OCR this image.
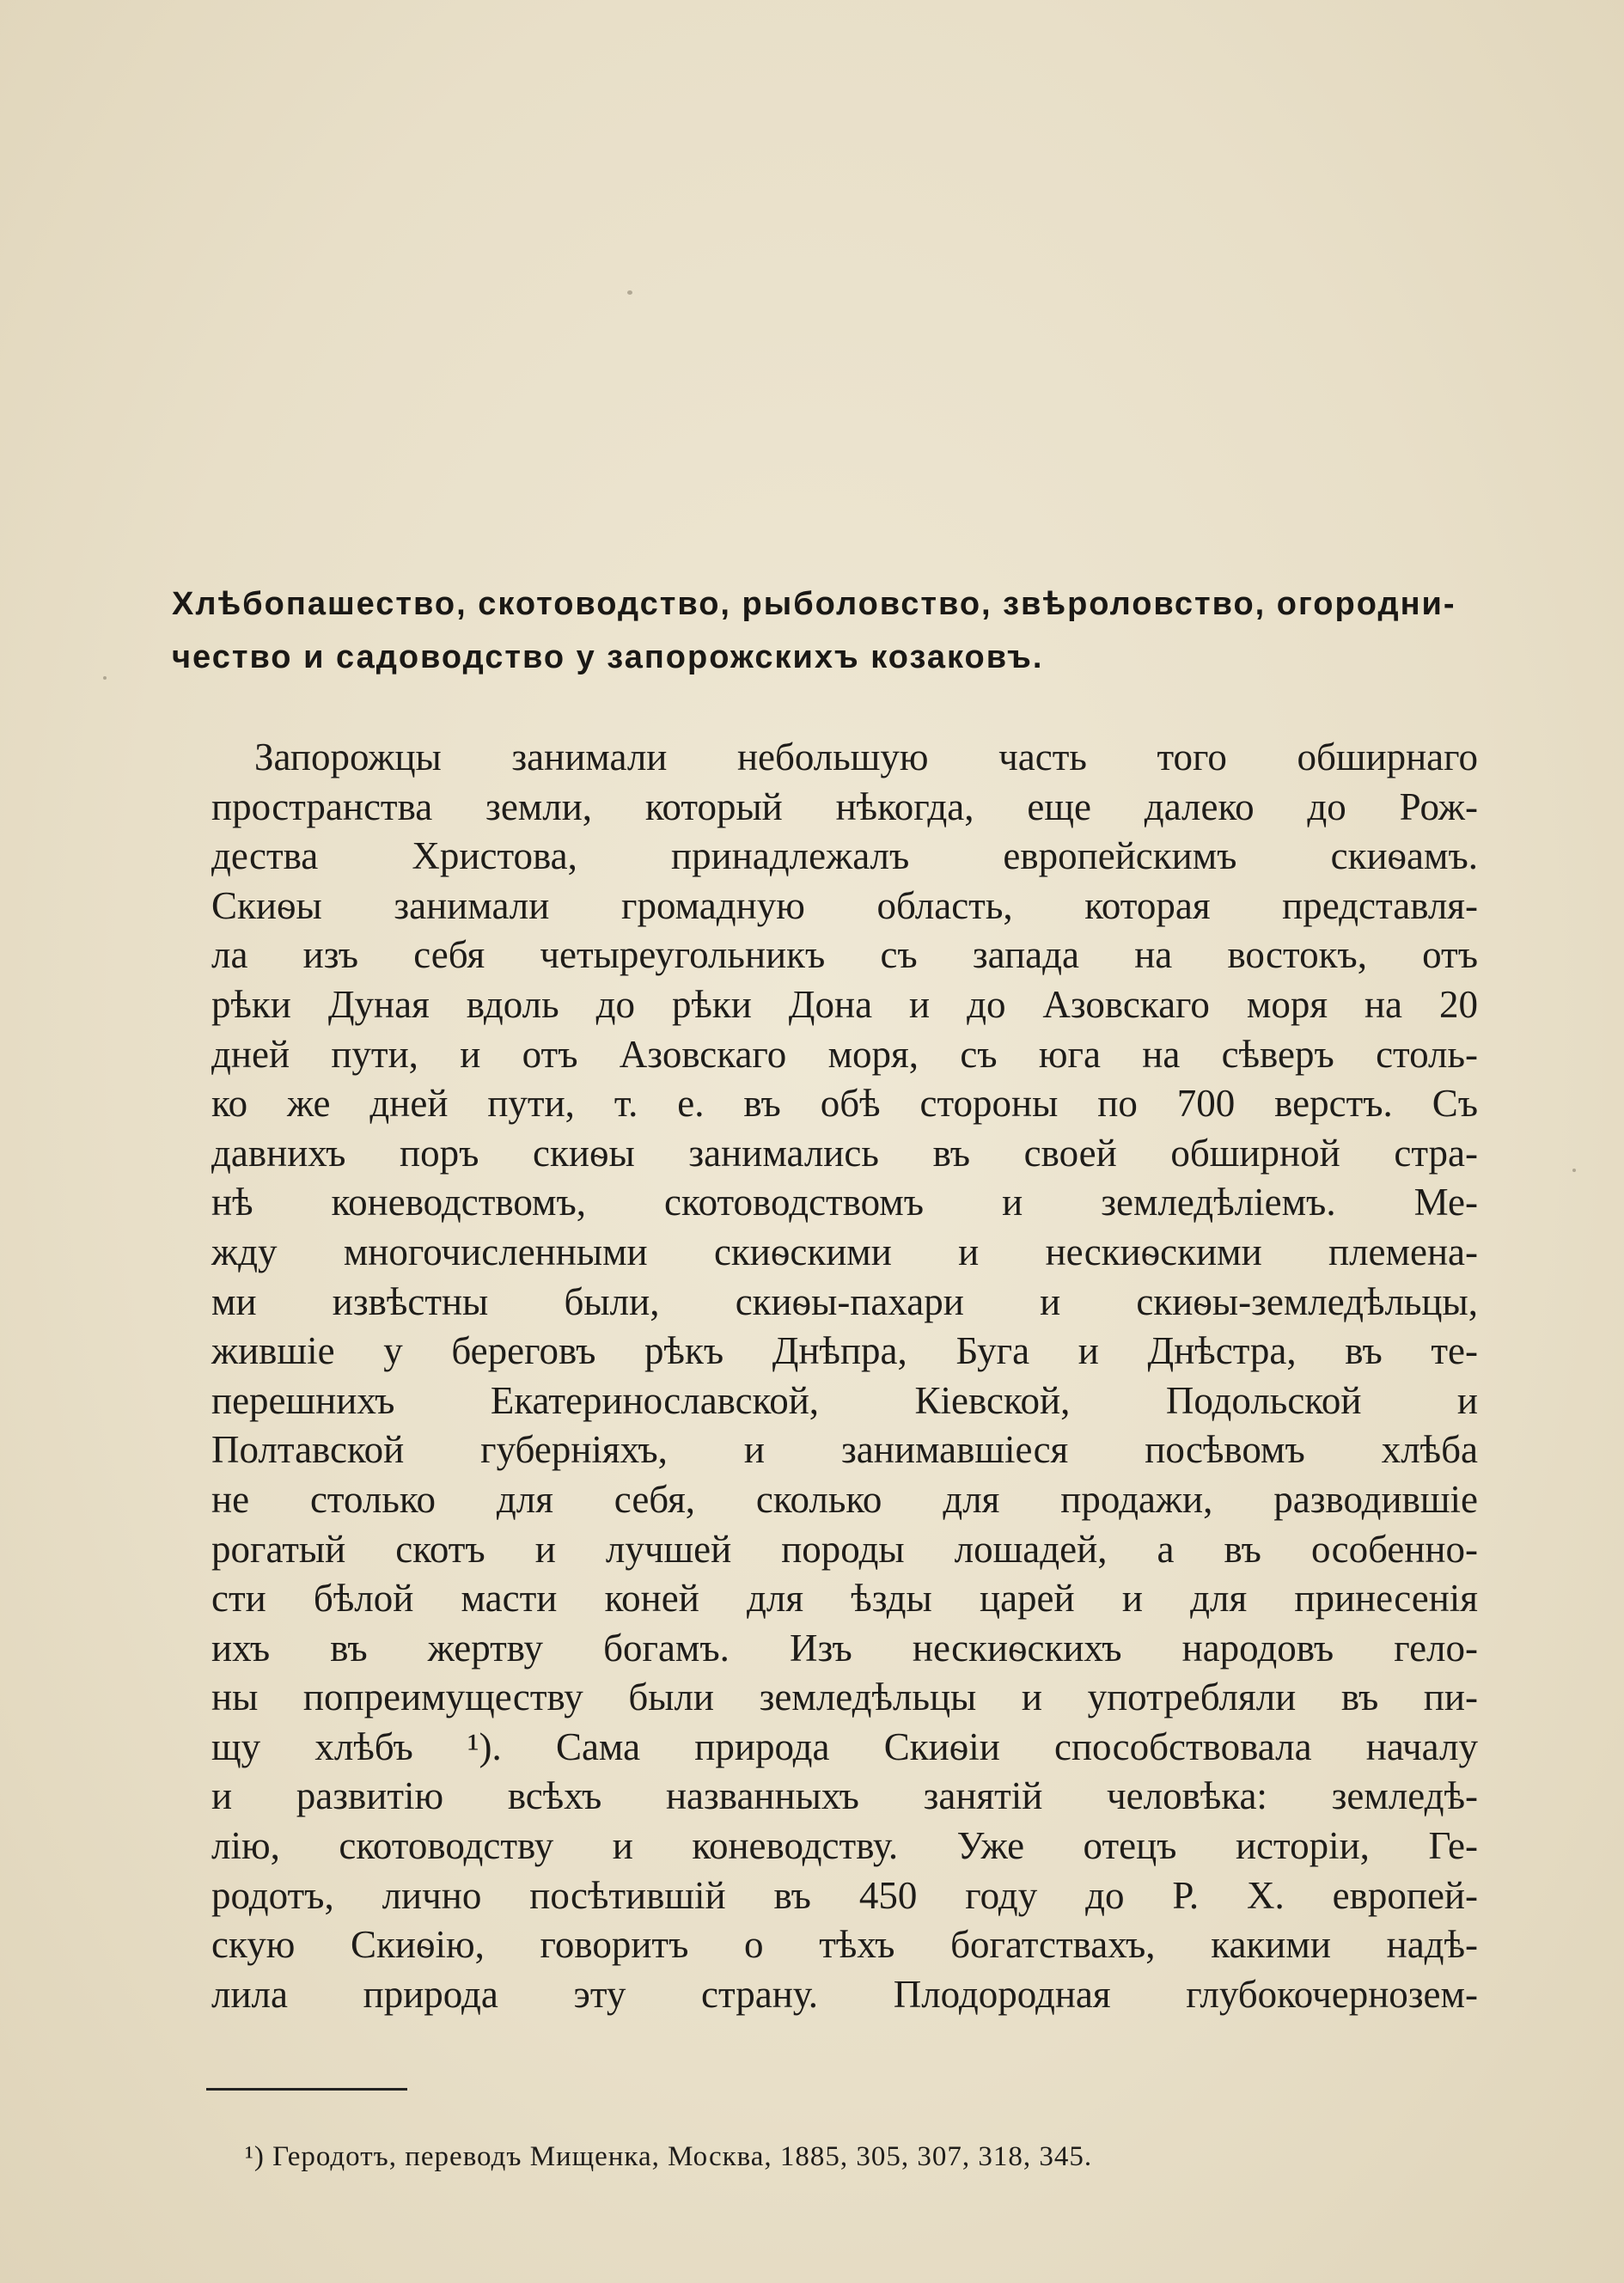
Хлѣбопашество, скотоводство, рыболовство, звѣроловство, огородни-
чество и садоводство у запорожскихъ козаковъ.
Запорожцы занимали небольшую часть того обширнаго
пространства земли, который нѣкогда, еще далеко до Рож-
дества Христова, принадлежалъ европейскимъ скиѳамъ.
Скиѳы занимали громадную область, которая представля-
ла изъ себя четыреугольникъ съ запада на востокъ, отъ
рѣки Дуная вдоль до рѣки Дона и до Азовскаго моря на 20
дней пути, и отъ Азовскаго моря, съ юга на сѣверъ столь-
ко же дней пути, т. е. въ обѣ стороны по 700 верстъ. Съ
давнихъ поръ скиѳы занимались въ своей обширной стра-
нѣ коневодствомъ, скотоводствомъ и земледѣліемъ. Ме-
жду многочисленными скиѳскими и нескиѳскими племена-
ми извѣстны были, скиѳы-пахари и скиѳы-земледѣльцы,
жившіе у береговъ рѣкъ Днѣпра, Буга и Днѣстра, въ те-
перешнихъ Екатеринославской, Кіевской, Подольской и
Полтавской губерніяхъ, и занимавшіеся посѣвомъ хлѣба
не столько для себя, сколько для продажи, разводившіе
рогатый скотъ и лучшей породы лошадей, а въ особенно-
сти бѣлой масти коней для ѣзды царей и для принесенія
ихъ въ жертву богамъ. Изъ нескиѳскихъ народовъ гело-
ны попреимуществу были земледѣльцы и употребляли въ пи-
щу хлѣбъ ¹). Сама природа Скиѳіи способствовала началу
и развитію всѣхъ названныхъ занятій человѣка: земледѣ-
лію, скотоводству и коневодству. Уже отецъ исторіи, Ге-
родотъ, лично посѣтившій въ 450 году до Р. Х. европей-
скую Скиѳію, говоритъ о тѣхъ богатствахъ, какими надѣ-
лила природа эту страну. Плодородная глубокочернозем-
¹) Геродотъ, переводъ Мищенка, Москва, 1885, 305, 307, 318, 345.
